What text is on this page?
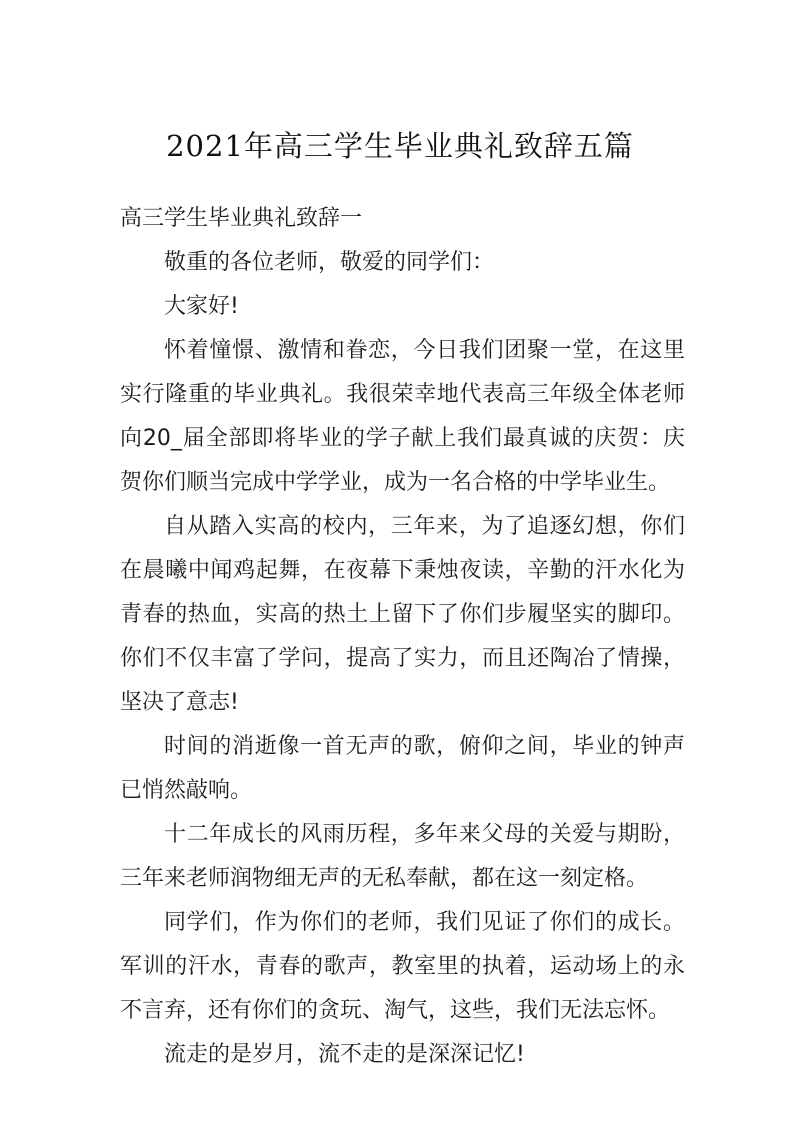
2021年高三学生毕业典礼致辞五篇

高三学生毕业典礼致辞一

敬重的各位老师，敬爱的同学们：

大家好!

怀着憧憬、激情和眷恋，今日我们团聚一堂，在这里实行隆重的毕业典礼。我很荣幸地代表高三年级全体老师向20_届全部即将毕业的学子献上我们最真诚的庆贺：庆贺你们顺当完成中学学业，成为一名合格的中学毕业生。

自从踏入实高的校内，三年来，为了追逐幻想，你们在晨曦中闻鸡起舞，在夜幕下秉烛夜读，辛勤的汗水化为青春的热血，实高的热土上留下了你们步履坚实的脚印。你们不仅丰富了学问，提高了实力，而且还陶冶了情操，坚决了意志!

时间的消逝像一首无声的歌，俯仰之间，毕业的钟声已悄然敲响。

十二年成长的风雨历程，多年来父母的关爱与期盼，三年来老师润物细无声的无私奉献，都在这一刻定格。

同学们，作为你们的老师，我们见证了你们的成长。军训的汗水，青春的歌声，教室里的执着，运动场上的永不言弃，还有你们的贪玩、淘气，这些，我们无法忘怀。

流走的是岁月，流不走的是深深记忆!
